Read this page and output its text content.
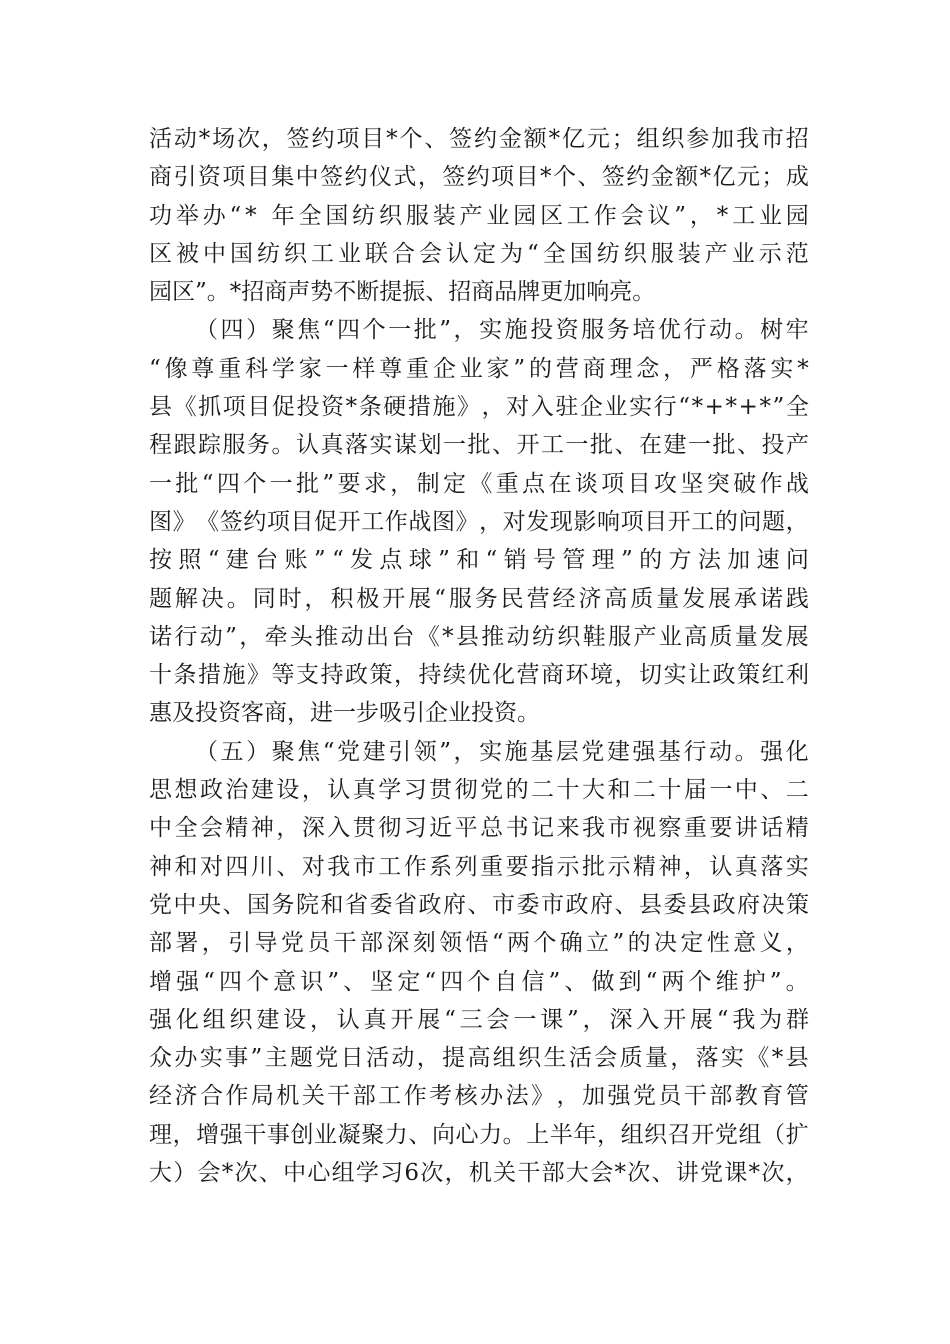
活 动 * 场 次 ， 签 约 项 目 * 个 、 签 约 金 额 * 亿 元 ； 组 织 参 加 我 市 招
商 引 资 项 目 集 中 签 约 仪 式 ， 签 约 项 目 * 个 、 签 约 金 额 * 亿 元 ； 成
功 举 办 “ *
年 全 国 纺 织 服 装 产 业 园 区 工 作 会 议 ” ， * 工 业 园
区 被 中 国 纺 织 工 业 联 合 会 认 定 为 “ 全 国 纺 织 服 装 产 业 示 范
园 区 ” 。 * 招 商 声 势 不 断 提 振 、 招 商 品 牌 更 加 响 亮 。
（ 四 ） 聚 焦 “ 四 个 一 批 ” ， 实 施 投 资 服 务 培 优 行 动 。 树 牢
“ 像 尊 重 科 学 家 一 样 尊 重 企 业 家 ” 的 营 商 理 念 ， 严 格 落 实 *
县 《 抓 项 目 促 投 资 * 条 硬 措 施 》 ， 对 入 驻 企 业 实 行 “ * + * + * ” 全
程 跟 踪 服 务 。 认 真 落 实 谋 划 一 批 、 开 工 一 批 、 在 建 一 批 、 投 产
一 批 “ 四 个 一 批 ” 要 求 ， 制 定 《 重 点 在 谈 项 目 攻 坚 突 破 作 战
图 》 《 签 约 项 目 促 开 工 作 战 图 》 ， 对 发 现 影 响 项 目 开 工 的 问 题 ，
按 照 “ 建 台 账 ” “ 发 点 球 ” 和 “ 销 号 管 理 ” 的 方 法 加 速 问
题 解 决 。 同 时 ， 积 极 开 展 “ 服 务 民 营 经 济 高 质 量 发 展 承 诺 践
诺 行 动 ” ， 牵 头 推 动 出 台 《 * 县 推 动 纺 织 鞋 服 产 业 高 质 量 发 展
十 条 措 施 》 等 支 持 政 策 ， 持 续 优 化 营 商 环 境 ， 切 实 让 政 策 红 利
惠 及 投 资 客 商 ， 进 一 步 吸 引 企 业 投 资 。
（ 五 ） 聚 焦 “ 党 建 引 领 ” ， 实 施 基 层 党 建 强 基 行 动 。 强 化
思 想 政 治 建 设 ， 认 真 学 习 贯 彻 党 的 二 十 大 和 二 十 届 一 中 、 二
中 全 会 精 神 ， 深 入 贯 彻 习 近 平 总 书 记 来 我 市 视 察 重 要 讲 话 精
神 和 对 四 川 、 对 我 市 工 作 系 列 重 要 指 示 批 示 精 神 ， 认 真 落 实
党 中 央 、 国 务 院 和 省 委 省 政 府 、 市 委 市 政 府 、 县 委 县 政 府 决 策
部 署 ， 引 导 党 员 干 部 深 刻 领 悟 “ 两 个 确 立 ” 的 决 定 性 意 义 ，
增 强 “ 四 个 意 识 ” 、 坚 定 “ 四 个 自 信 ” 、 做 到 “ 两 个 维 护 ” 。
强 化 组 织 建 设 ， 认 真 开 展 “ 三 会 一 课 ” ， 深 入 开 展 “ 我 为 群
众 办 实 事 ” 主 题 党 日 活 动 ， 提 高 组 织 生 活 会 质 量 ， 落 实 《 * 县
经 济 合 作 局 机 关 干 部 工 作 考 核 办 法 》 ， 加 强 党 员 干 部 教 育 管
理 ， 增 强 干 事 创 业 凝 聚 力 、 向 心 力 。 上 半 年 ， 组 织 召 开 党 组 （ 扩
大 ） 会 * 次 、 中 心 组 学 习 6 次 ， 机 关 干 部 大 会 * 次 、 讲 党 课 * 次 ，
